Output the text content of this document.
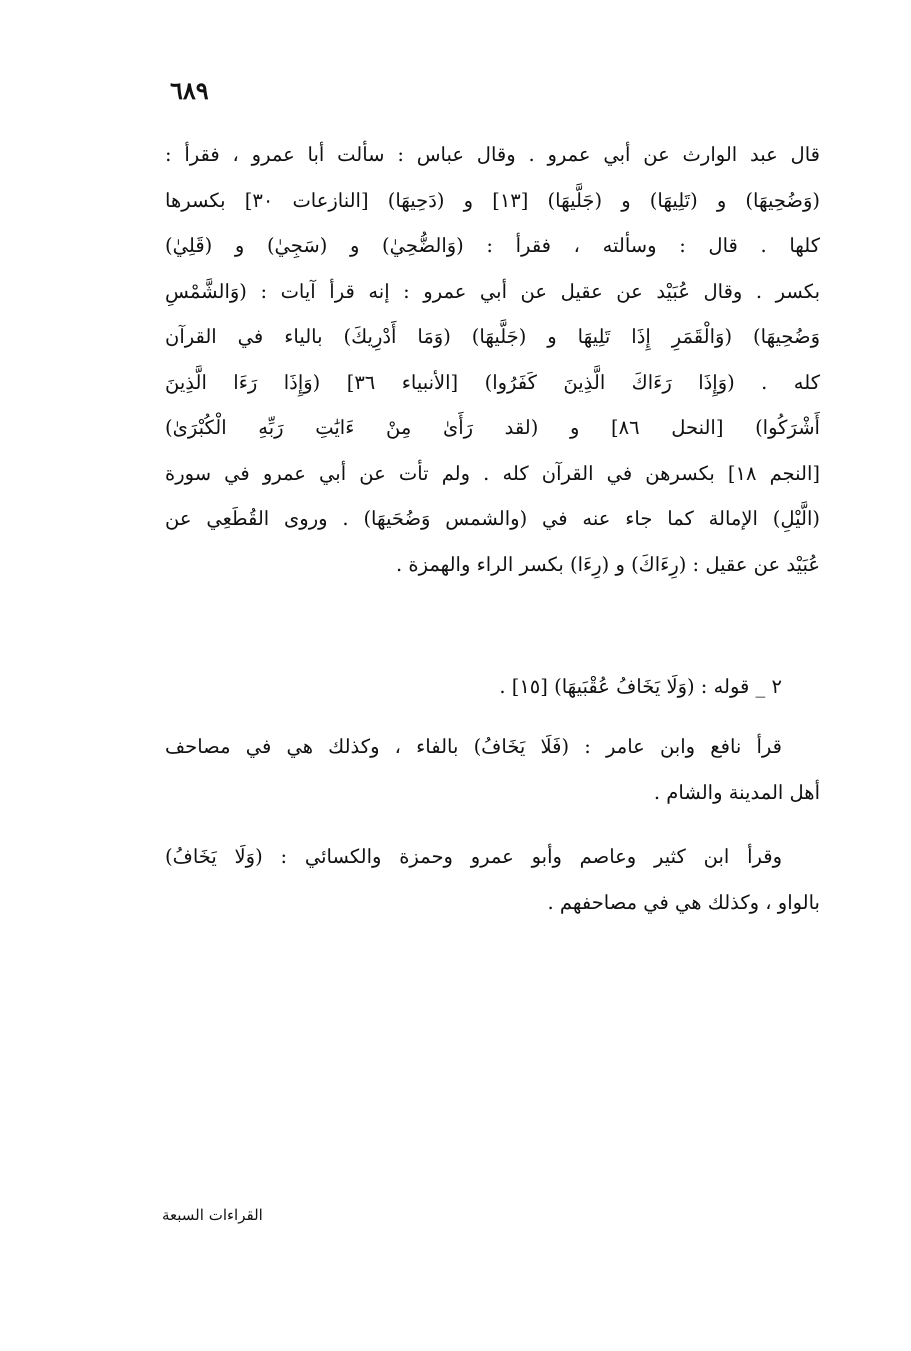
٦٨٩
قال عبد الوارث عن أبي عمرو . وقال عباس : سألت أبا عمرو ، فقرأ :
(وَضُحِيهَا) و (تَلِيهَا) و (جَلَّيهَا) [١٣] و (دَحِيهَا) [النازعات ٣٠] بكسرها
كلها . قال : وسألته ، فقرأ : (وَالضُّحِيٰ) و (سَجِيٰ) و (قَلِيٰ)
بكسر . وقال عُبَيْد عن عقيل عن أبي عمرو : إنه قرأ آيات : (وَالشَّمْسِ
وَضُحِيهَا) (وَالْقَمَرِ إِذَا تَلِيهَا و (جَلَّيهَا) (وَمَا أَدْرِيكَ) بالياء في القرآن
كله . (وَإِذَا رَءَاكَ الَّذِينَ كَفَرُوا) [الأنبياء ٣٦] (وَإِذَا رَءَا الَّذِينَ
أَشْرَكُوا) [النحل ٨٦] و (لقد رَأَىٰ مِنْ ءَايَٰتِ رَبِّهِ الْكُبْرَىٰ)
[النجم ١٨] بكسرهن في القرآن كله . ولم تأت عن أبي عمرو في سورة
(الَّيْلِ) الإمالة كما جاء عنه في (والشمس وَضُحَيهَا) . وروى القُطَعِي عن
عُبَيْد عن عقيل : (رِءَاكَ) و (رِءَا) بكسر الراء والهمزة .
٢ _ قوله : (وَلَا يَخَافُ عُقْبَيهَا) [١٥] .
قرأ نافع وابن عامر : (فَلَا يَخَافُ) بالفاء ، وكذلك هي في مصاحف
أهل المدينة والشام .
وقرأ ابن كثير وعاصم وأبو عمرو وحمزة والكسائي : (وَلَا يَخَافُ)
بالواو ، وكذلك هي في مصاحفهم .
القراءات السبعة
